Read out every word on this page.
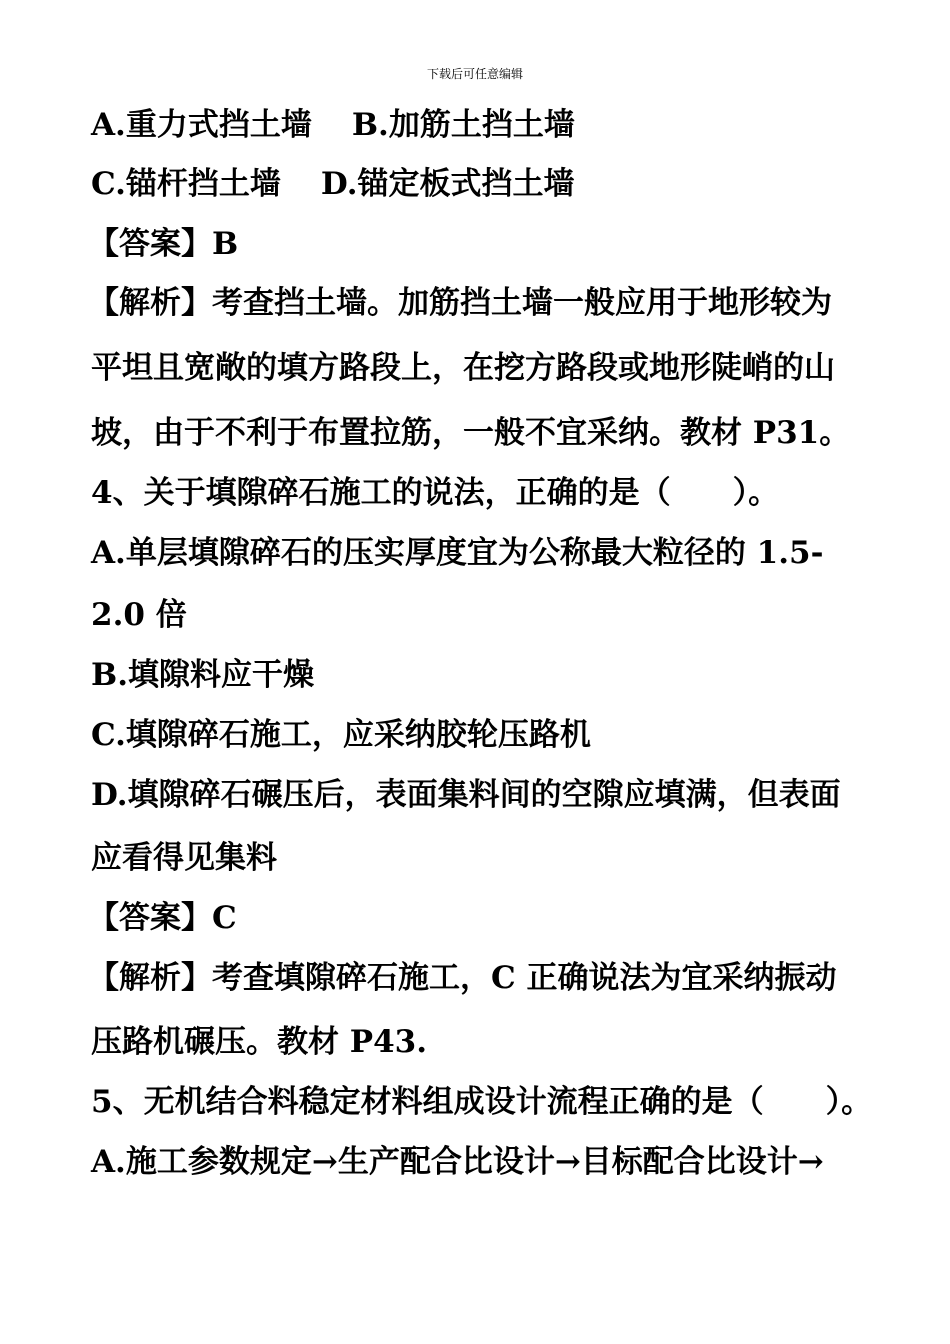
下载后可任意编辑
A.重力式挡土墙 B.加筋土挡土墙
C.锚杆挡土墙 D.锚定板式挡土墙
【答案】B
【解析】考查挡土墙。加筋挡土墙一般应用于地形较为
平坦且宽敞的填方路段上，在挖方路段或地形陡峭的山
坡，由于不利于布置拉筋，一般不宜采纳。教材 P31。
4、关于填隙碎石施工的说法，正确的是（　　）。
A.单层填隙碎石的压实厚度宜为公称最大粒径的 1.5-
2.0 倍
B.填隙料应干燥
C.填隙碎石施工，应采纳胶轮压路机
D.填隙碎石碾压后，表面集料间的空隙应填满，但表面
应看得见集料
【答案】C
【解析】考查填隙碎石施工，C 正确说法为宜采纳振动
压路机碾压。教材 P43.
5、无机结合料稳定材料组成设计流程正确的是（　　）。
A.施工参数规定→生产配合比设计→目标配合比设计→
